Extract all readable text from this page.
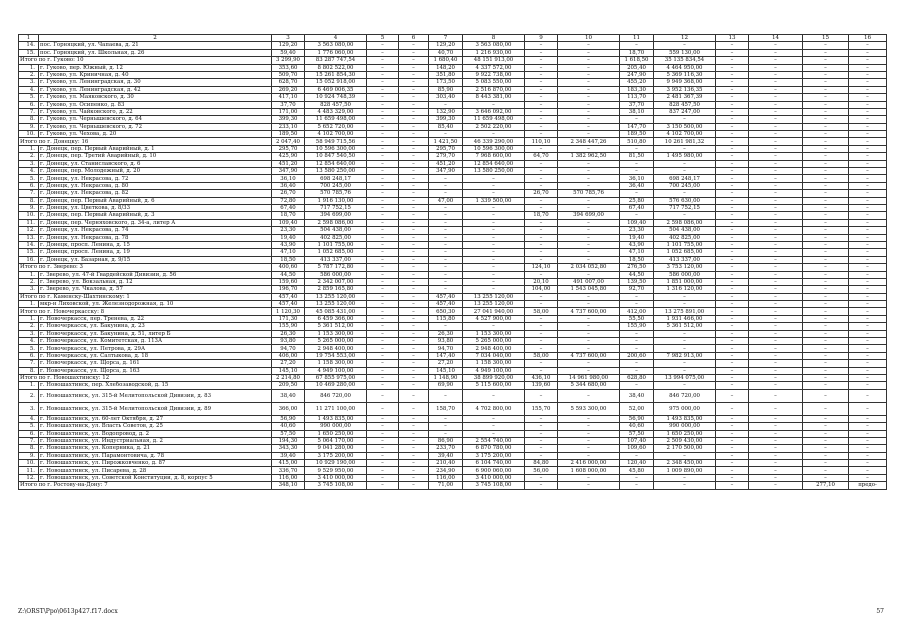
1	2	3	4	5	6	7	8	9	10	11	12	13	14	15	16
14.	пос. Горняцкий, ул. Чапаева, д. 21	129,20	3 563 080,00	–	–	129,20	3 563 080,00	–	–	–	–	–	–	–	–
15.	пос. Горняцкий, ул. Школьная, д. 26	59,40	1 776 060,00	–	–	40,70	1 216 930,00	–	–	18,70	559 130,00	–	–	–	–
Итого по г. Гуково: 10		3 299,90	83 287 747,54	–	–	1 680,40	48 151 913,00	–	–	1 618,50	35 135 834,54	–	–	–	–
1.	г. Гуково, пер. Южный, д. 12	353,60	8 802 522,00	–	–	148,20	4 337 572,00	–	–	205,40	4 464 950,00	–	–	–	–
2.	г. Гуково, ул. Криничная, д. 40	509,70	15 261 854,30	–	–	351,80	9 922 738,00	–	–	247,90	5 369 116,30	–	–	–	–
3.	г. Гуково, ул. Ленинградская, д. 30	628,70	15 052 918,00	–	–	173,50	5 083 550,00	–	–	455,20	9 949 368,00	–	–	–	–
4.	г. Гуково, ул. Ленинградская, д. 42	269,20	6 469 006,35	–	–	85,90	2 516 870,00	–	–	183,30	3 952 136,35	–	–	–	–
5.	г. Гуково, ул. Маяковского, д. 30	417,10	10 924 748,39	–	–	303,40	8 443 381,00	–	–	113,70	2 481 367,39	–	–	–	–
6.	г. Гуково, ул. Осипенко, д. 83	37,70	828 457,50	–	–	–	–	–	–	37,70	828 457,50	–	–	–	–
7.	г. Гуково, ул. Чайковского, д. 22	171,00	4 483 329,00	–	–	132,90	3 646 092,00	–	–	38,10	837 247,00	–	–	–	–
8.	г. Гуково, ул. Чернышевского, д. 64	399,30	11 659 498,00	–	–	399,30	11 659 498,00	–	–	–	–	–	–	–	–
9.	г. Гуково, ул. Чернышевского, д. 72	233,10	5 652 720,00	–	–	85,40	2 502 220,00	–	–	147,70	3 150 500,00	–	–	–	–
10.	г. Гуково, ул. Чехова, д. 20	189,50	4 102 700,00	–	–	–	–	–	–	189,50	4 102 700,00	–	–	–	–
Итого по г. Донецку: 16		2 047,40	58 949 715,56	–	–	1 421,50	46 339 290,00	110,10	2 348 447,26	510,80	10 261 981,32	–	–	–	–
1.	г. Донецк, пер. Первый Аварийный, д. 1	295,70	10 596 300,00	–	–	295,70	10 596 300,00	–	–	–	–	–	–	–	–
2.	г. Донецк, пер. Третий Аварийный, д. 10	425,90	10 847 540,50	–	–	279,70	7 968 600,00	64,70	1 382 962,50	81,50	1 495 980,00	–	–	–	–
3.	г. Донецк, ул. Станиславского, д. 6	451,20	12 854 640,00	–	–	451,20	12 854 640,00	–	–	–	–	–	–	–	–
4.	г. Донецк, пер. Молодежный, д. 20	347,90	13 580 250,00	–	–	347,90	13 580 250,00	–	–	–	–	–	–	–	–
5.	г. Донецк, ул. Некрасова, д. 72	36,10	698 248,17	–	–	–	–	–	–	36,10	698 248,17	–	–	–	–
6.	г. Донецк, ул. Некрасова, д. 80	36,40	700 245,00	–	–	–	–	–	–	36,40	700 245,00	–	–	–	–
7.	г. Донецк, ул. Некрасова, д. 82	26,70	570 785,76	–	–	–	–	26,70	570 785,76	–	–	–	–	–	–
8.	г. Донецк, пер. Первый Аварийный, д. 6	72,80	1 916 130,00	–	–	47,00	1 339 500,00	–	–	25,80	576 630,00	–	–	–	–
9.	г. Донецк, ул. Цветкова, д. 8/33	67,40	717 752,15	–	–	–	–	–	–	67,40	717 752,15	–	–	–	–
10.	г. Донецк, пер. Первый Аварийный, д. 3	18,70	394 699,00	–	–	–	–	18,70	394 699,00	–	–	–	–	–	–
11.	г. Донецк, пер. Черняховского, д. 34-а, литер А	109,40	2 598 086,00	–	–	–	–	–	–	109,40	2 598 086,00	–	–	–	–
12.	г. Донецк, ул. Некрасова, д. 74	23,30	504 438,00	–	–	–	–	–	–	23,30	504 438,00	–	–	–	–
13.	г. Донецк, ул. Некрасова, д. 78	19,40	402 825,00	–	–	–	–	–	–	19,40	402 825,00	–	–	–	–
14.	г. Донецк, просп. Ленина, д. 15	43,90	1 101 755,00	–	–	–	–	–	–	43,90	1 101 755,00	–	–	–	–
15.	г. Донецк, просп. Ленина, д. 19	47,10	1 052 685,00	–	–	–	–	–	–	47,10	1 052 685,00	–	–	–	–
16.	г. Донецк, ул. Базарная, д. 9/15	18,50	413 337,00	–	–	–	–	–	–	18,50	413 337,00	–	–	–	–
Итого по г. Зверево: 3		400,60	5 787 172,80	–	–	–	–	124,10	2 034 052,80	276,50	3 753 120,00	–	–	–	–
1.	г. Зверево, ул. 47-й Гвардейской Дивизии, д. 56	44,50	586 000,00	–	–	–	–	–	–	44,50	586 000,00	–	–	–	–
2.	г. Зверево, ул. Вокзальная, д. 12	159,60	2 342 007,00	–	–	–	–	20,10	491 007,00	139,50	1 851 000,00	–	–	–	–
3.	г. Зверево, ул. Чкалова, д. 57	196,70	2 859 165,80	–	–	–	–	104,00	1 543 045,80	92,70	1 316 120,00	–	–	–	–
Итого по г. Каменску-Шахтинскому: 1		457,40	13 255 120,00	–	–	457,40	13 255 120,00	–	–	–	–	–	–	–	–
1.	мкр-н Лиховской, ул. Железнодорожная, д. 10	457,40	13 255 120,00	–	–	457,40	13 255 120,00	–	–	–	–	–	–	–	–
Итого по г. Новочеркасску: 8		1 120,30	45 085 431,00	–	–	650,30	27 041 940,00	58,00	4 737 600,00	412,00	13 275 891,00	–	–	–	–
1.	г. Новочеркасск, пер. Тренева, д. 22	171,30	6 459 366,00	–	–	115,80	4 527 900,00	–	–	55,50	1 931 466,00	–	–	–	–
2.	г. Новочеркасск, ул. Бакунина, д. 23	155,90	5 361 512,00	–	–	–	–	–	–	155,90	5 361 512,00	–	–	–	–
3.	г. Новочеркасск, ул. Бакунина, д. 51, литер Б	26,30	1 153 300,00	–	–	26,30	1 153 300,00	–	–	–	–	–	–	–	–
4.	г. Новочеркасск, ул. Комитетская, д. 113А	93,80	5 265 000,00	–	–	93,80	5 265 000,00	–	–	–	–	–	–	–	–
5.	г. Новочеркасск, ул. Петрова, д. 29А	94,70	2 948 400,00	–	–	94,70	2 948 400,00	–	–	–	–	–	–	–	–
6.	г. Новочеркасск, ул. Салтыкова, д. 18	406,00	19 754 553,00	–	–	147,40	7 034 040,00	58,00	4 737 600,00	200,60	7 982 913,00	–	–	–	–
7.	г. Новочеркасск, ул. Щорса, д. 161	27,20	1 158 300,00	–	–	27,20	1 158 300,00	–	–	–	–	–	–	–	–
8.	г. Новочеркасск, ул. Щорса, д. 163	145,10	4 949 100,00	–	–	145,10	4 949 100,00	–	–	–	–	–	–	–	–
Итого по г. Новошахтинску: 12		2 214,80	67 855 975,00	–	–	1 148,90	38 899 920,00	436,10	14 961 980,00	628,80	13 994 075,00	–	–	–	–
1.	г. Новошахтинск, пер. Хлебозаводской, д. 15	209,50	10 469 280,00	–	–	69,90	5 115 600,00	139,60	5 344 680,00	–	–	–	–	–	–
2.	г. Новошахтинск, ул. 315-й Мелитопольской Дивизии, д. 83	38,40	846 720,00	–	–	–	–	–	–	38,40	846 720,00	–	–	–	–
3.	г. Новошахтинск, ул. 315-й Мелитопольской Дивизии, д. 89	366,00	11 271 100,00	–	–	158,70	4 702 800,00	155,70	5 593 300,00	52,00	975 000,00	–	–	–	–
4.	г. Новошахтинск, ул. 60-лет Октября, д. 27	56,90	1 493 835,00	–	–	–	–	–	–	56,90	1 493 835,00	–	–	–	–
5.	г. Новошахтинск, ул. Власть Советов, д. 25	40,60	990 000,00	–	–	–	–	–	–	40,60	990 000,00	–	–	–	–
6.	г. Новошахтинск, ул. Водопровод, д. 2	57,50	1 650 250,00	–	–	–	–	–	–	57,50	1 650 250,00	–	–	–	–
7.	г. Новошахтинск, ул. Индустриальная, д. 2	194,30	5 064 170,00	–	–	86,90	2 554 740,00	–	–	107,40	2 509 430,00	–	–	–	–
8.	г. Новошахтинск, ул. Коперника, д. 21	343,30	9 041 280,00	–	–	233,70	6 870 780,00	–	–	109,60	2 170 500,00	–	–	–	–
9.	г. Новошахтинск, ул. Парамонтовича, д. 78	39,40	3 175 200,00	–	–	39,40	3 175 200,00	–	–	–	–	–	–	–	–
10.	г. Новошахтинск, ул. Пирожковченко, д. 87	415,00	10 929 190,00	–	–	210,40	6 104 740,00	84,80	2 416 000,00	120,40	2 348 450,00	–	–	–	–
11.	г. Новошахтинск, ул. Писарева, д. 28	336,70	9 529 950,00	–	–	234,90	6 900 060,00	56,00	1 608 000,00	45,80	1 009 890,00	–	–	–	–
12.	г. Новошахтинск, ул. Советской Конституции, д. 8, корпус 5	116,00	3 410 000,00	–	–	116,00	3 410 000,00	–	–	–	–	–	–	–	–
Итого по г. Ростову-на-Дону: 7		348,10	3 745 108,00	–	–	71,00	3 745 108,00	–	–	–	–	–	–	277,10	предо-
Z:\ORST\Ppo\0613p427.f17.docx	57
